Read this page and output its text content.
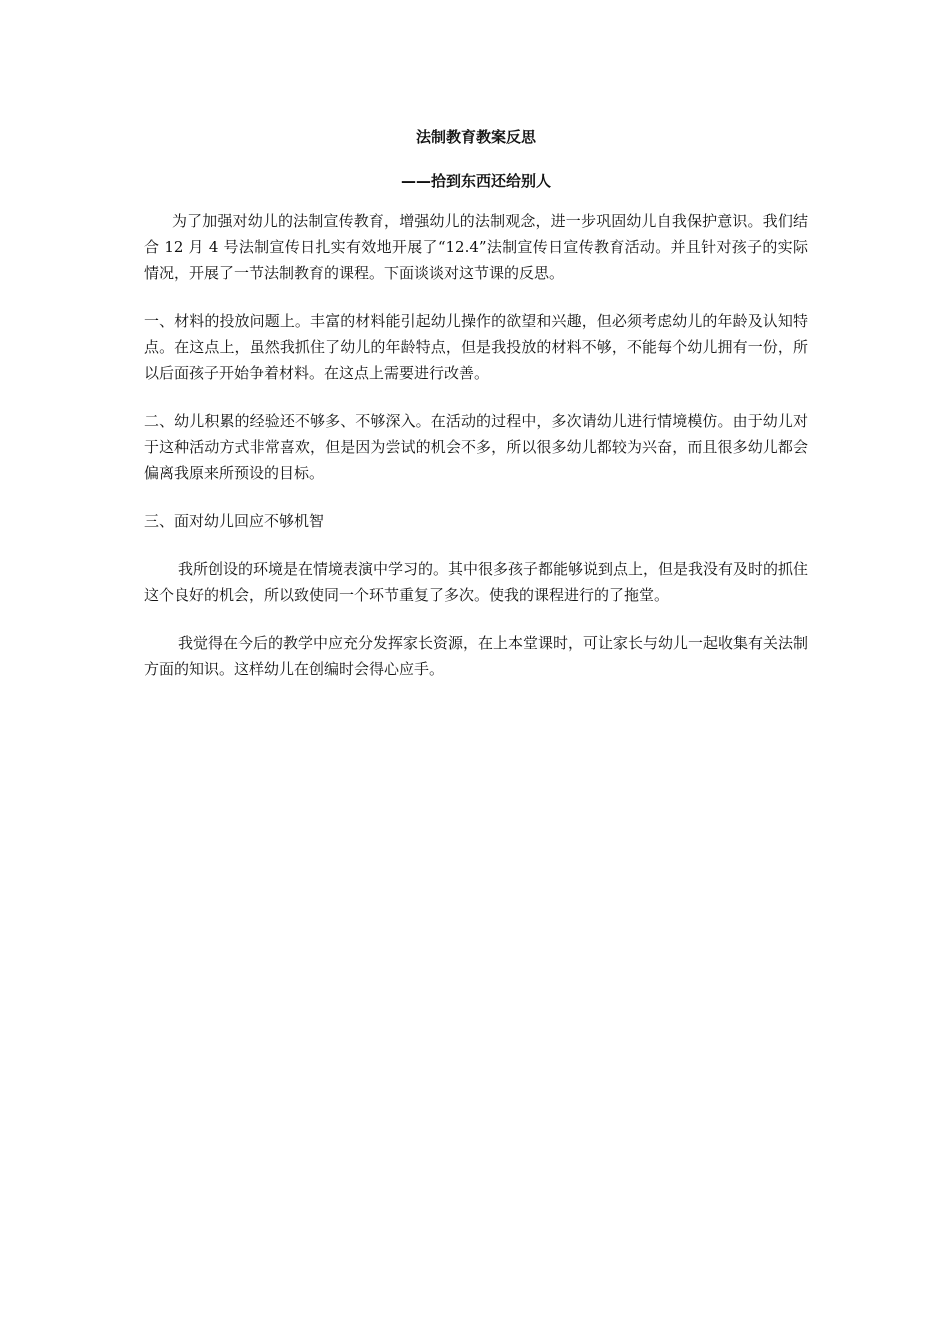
法制教育教案反思
——拾到东西还给别人

为了加强对幼儿的法制宣传教育，增强幼儿的法制观念，进一步巩固幼儿自我保护意识。我们结合 12 月 4 号法制宣传日扎实有效地开展了“12.4”法制宣传日宣传教育活动。并且针对孩子的实际情况，开展了一节法制教育的课程。下面谈谈对这节课的反思。

一、材料的投放问题上。丰富的材料能引起幼儿操作的欲望和兴趣，但必须考虑幼儿的年龄及认知特点。在这点上，虽然我抓住了幼儿的年龄特点，但是我投放的材料不够，不能每个幼儿拥有一份，所以后面孩子开始争着材料。在这点上需要进行改善。

二、幼儿积累的经验还不够多、不够深入。在活动的过程中，多次请幼儿进行情境模仿。由于幼儿对于这种活动方式非常喜欢，但是因为尝试的机会不多，所以很多幼儿都较为兴奋，而且很多幼儿都会偏离我原来所预设的目标。

三、面对幼儿回应不够机智

我所创设的环境是在情境表演中学习的。其中很多孩子都能够说到点上，但是我没有及时的抓住这个良好的机会，所以致使同一个环节重复了多次。使我的课程进行的了拖堂。

我觉得在今后的教学中应充分发挥家长资源，在上本堂课时，可让家长与幼儿一起收集有关法制方面的知识。这样幼儿在创编时会得心应手。
